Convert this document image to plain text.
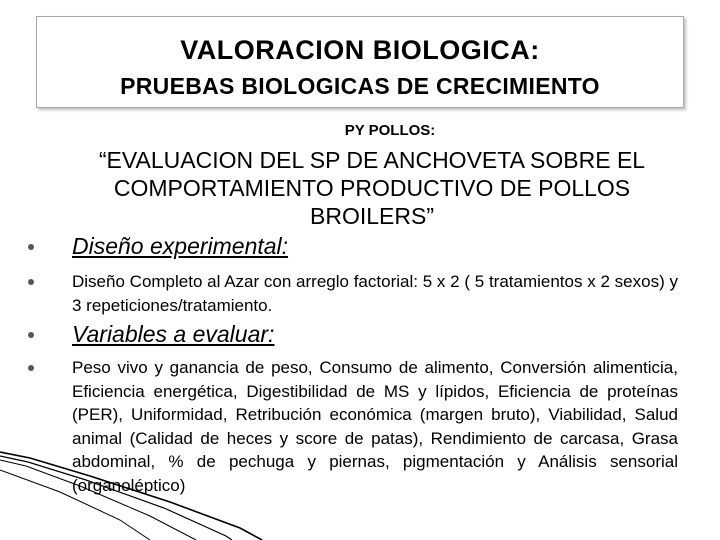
VALORACION BIOLOGICA:
PRUEBAS BIOLOGICAS DE CRECIMIENTO
PY POLLOS:
“EVALUACION DEL SP DE ANCHOVETA SOBRE EL COMPORTAMIENTO PRODUCTIVO DE POLLOS BROILERS”
Diseño experimental:
Diseño Completo al Azar con arreglo factorial: 5 x 2 ( 5 tratamientos x 2 sexos) y 3 repeticiones/tratamiento.
Variables a evaluar:
Peso vivo y ganancia de peso, Consumo de alimento, Conversión alimenticia, Eficiencia energética, Digestibilidad de MS y lípidos, Eficiencia de proteínas (PER), Uniformidad, Retribución económica (margen bruto), Viabilidad, Salud animal (Calidad de heces y score de patas), Rendimiento de carcasa, Grasa abdominal, % de pechuga y piernas, pigmentación y Análisis sensorial (organoléptico)
